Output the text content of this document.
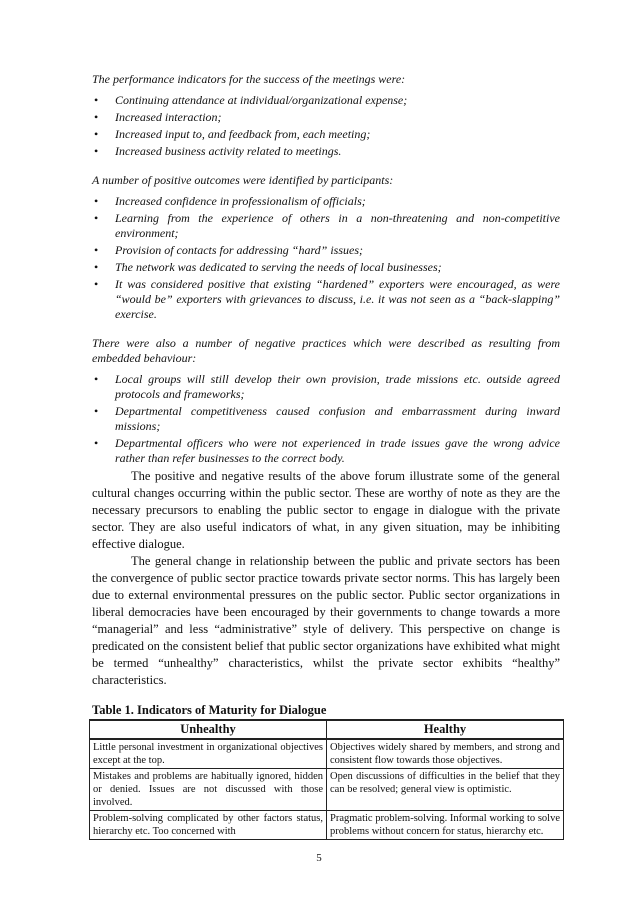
The performance indicators for the success of the meetings were:

• Continuing attendance at individual/organizational expense;
• Increased interaction;
• Increased input to, and feedback from, each meeting;
• Increased business activity related to meetings.

A number of positive outcomes were identified by participants:

• Increased confidence in professionalism of officials;
• Learning from the experience of others in a non-threatening and non-competitive environment;
• Provision of contacts for addressing “hard” issues;
• The network was dedicated to serving the needs of local businesses;
• It was considered positive that existing “hardened” exporters were encouraged, as were “would be” exporters with grievances to discuss, i.e. it was not seen as a “back-slapping” exercise.

There were also a number of negative practices which were described as resulting from embedded behaviour:

• Local groups will still develop their own provision, trade missions etc. outside agreed protocols and frameworks;
• Departmental competitiveness caused confusion and embarrassment during inward missions;
• Departmental officers who were not experienced in trade issues gave the wrong advice rather than refer businesses to the correct body.

The positive and negative results of the above forum illustrate some of the general cultural changes occurring within the public sector. These are worthy of note as they are the necessary precursors to enabling the public sector to engage in dialogue with the private sector. They are also useful indicators of what, in any given situation, may be inhibiting effective dialogue.

The general change in relationship between the public and private sectors has been the convergence of public sector practice towards private sector norms. This has largely been due to external environmental pressures on the public sector. Public sector organizations in liberal democracies have been encouraged by their governments to change towards a more “managerial” and less “administrative” style of delivery. This perspective on change is predicated on the consistent belief that public sector organizations have exhibited what might be termed “unhealthy” characteristics, whilst the private sector exhibits “healthy” characteristics.

Table 1. Indicators of Maturity for Dialogue
Unhealthy	Healthy
Little personal investment in organizational objectives except at the top.	Objectives widely shared by members, and strong and consistent flow towards those objectives.
Mistakes and problems are habitually ignored, hidden or denied. Issues are not discussed with those involved.	Open discussions of difficulties in the belief that they can be resolved; general view is optimistic.
Problem-solving complicated by other factors status, hierarchy etc. Too concerned with	Pragmatic problem-solving. Informal working to solve problems without concern for status, hierarchy etc.
5
